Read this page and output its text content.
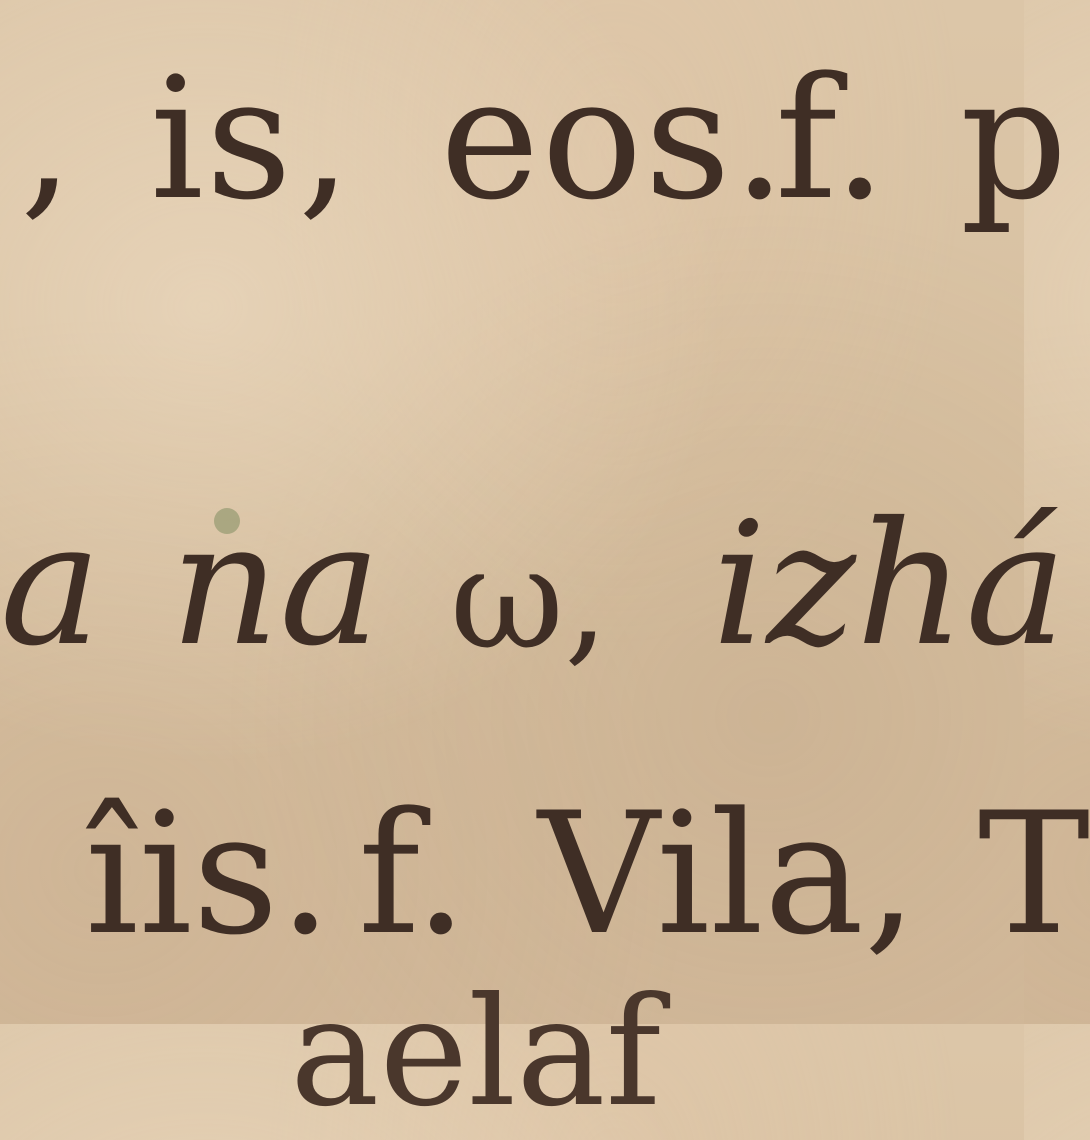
, is , eos.
f. p
a na ω, izhá
îis. f. Vila, T
aelaf
